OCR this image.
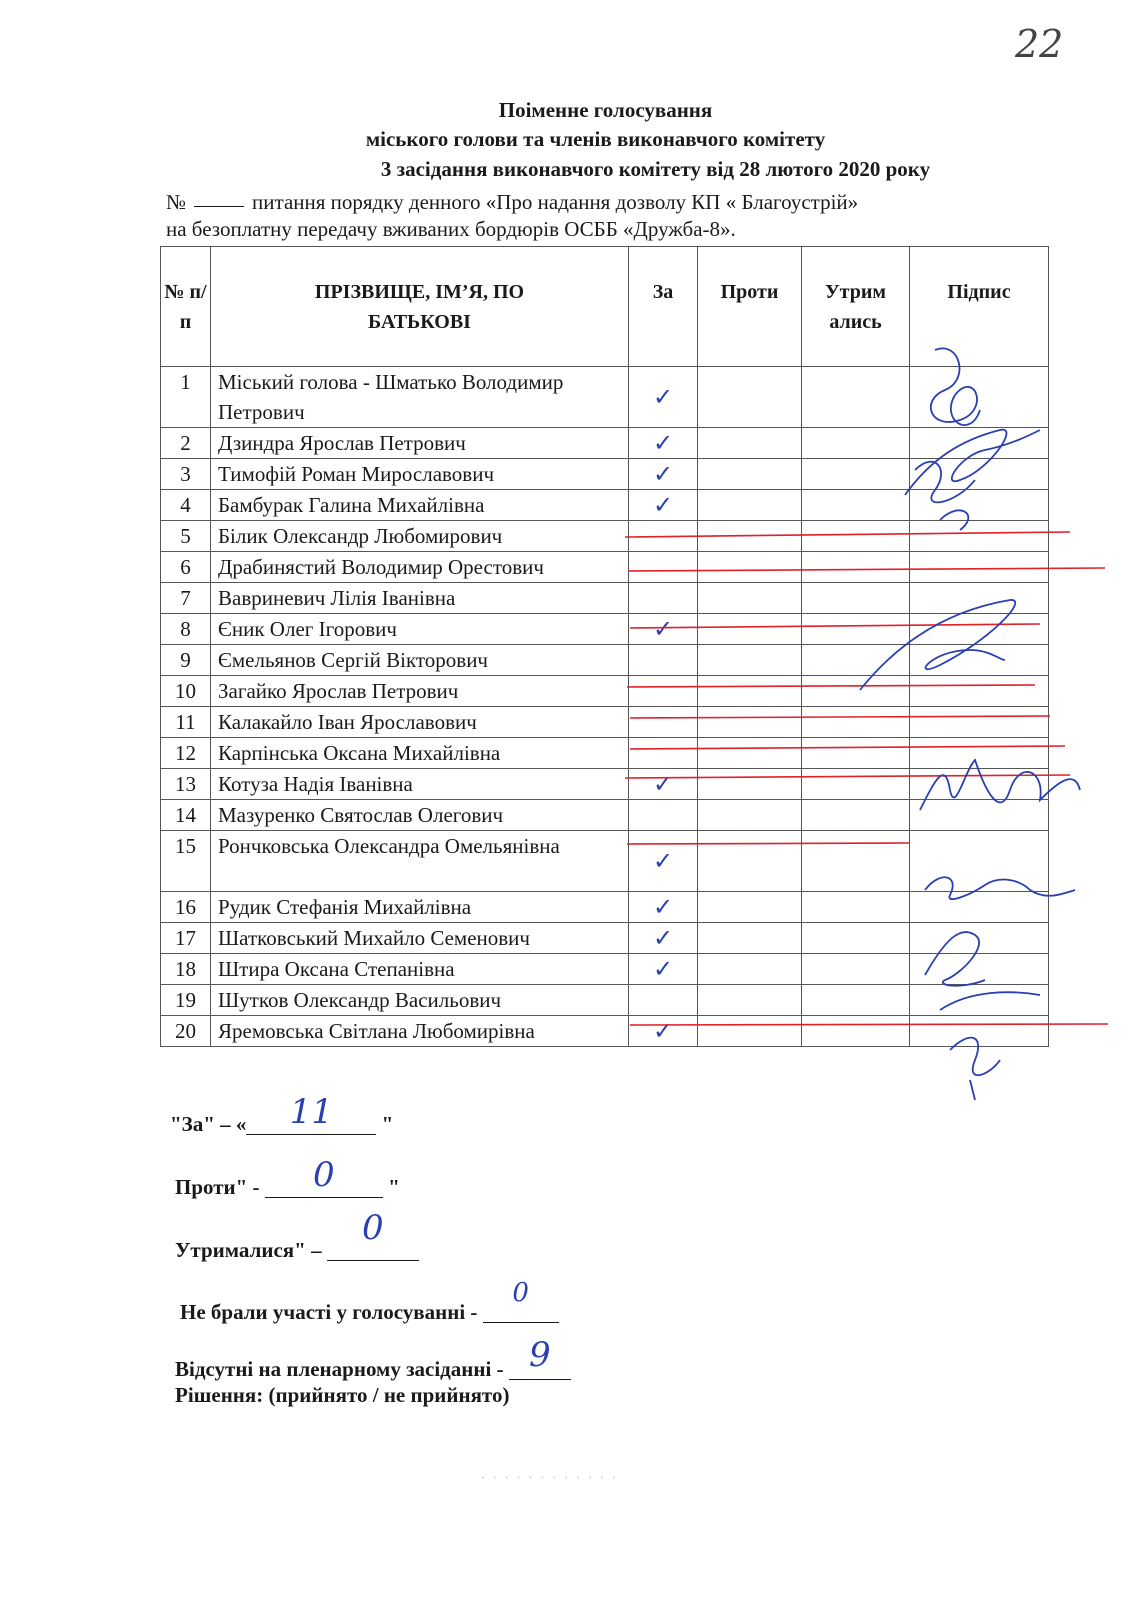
22
Поіменне голосування
міського голови та членів виконавчого комітету
3 засідання виконавчого комітету від 28 лютого 2020 року
№	питання порядку денного «Про надання дозволу КП « Благоустрій»
на безоплатну передачу вживаних бордюрів ОСББ «Дружба-8».
№ п/п	ПРІЗВИЩЕ, ІМ’Я, ПО БАТЬКОВІ	За	Проти	Утрим ались	Підпис
1	Міський голова - Шматько Володимир Петрович	✓			
2	Дзиндра Ярослав Петрович	✓			
3	Тимофій Роман Мирославович	✓			
4	Бамбурак Галина Михайлівна	✓			
5	Білик Олександр Любомирович				
6	Драбинястий Володимир Орестович				
7	Вавриневич Лілія Іванівна				
8	Єник Олег Ігорович	✓			
9	Ємельянов Сергій Вікторович				
10	Загайко Ярослав Петрович				
11	Калакайло Іван Ярославович				
12	Карпінська Оксана Михайлівна				
13	Котуза Надія Іванівна	✓			
14	Мазуренко Святослав Олегович				
15	Рончковська Олександра Омельянівна	✓			
16	Рудик Стефанія Михайлівна	✓			
17	Шатковський Михайло Семенович	✓			
18	Штира Оксана Степанівна	✓			
19	Шутков Олександр Васильович				
20	Яремовська Світлана Любомирівна	✓			
"За" – «	11	"
Проти" -	0	"
Утрималися" –
0
Не брали участі у голосуванні -
0
Відсутні на пленарному засіданні - 9
Рішення: (прийнято / не прийнято)
· · · · · · · · · · · ·
